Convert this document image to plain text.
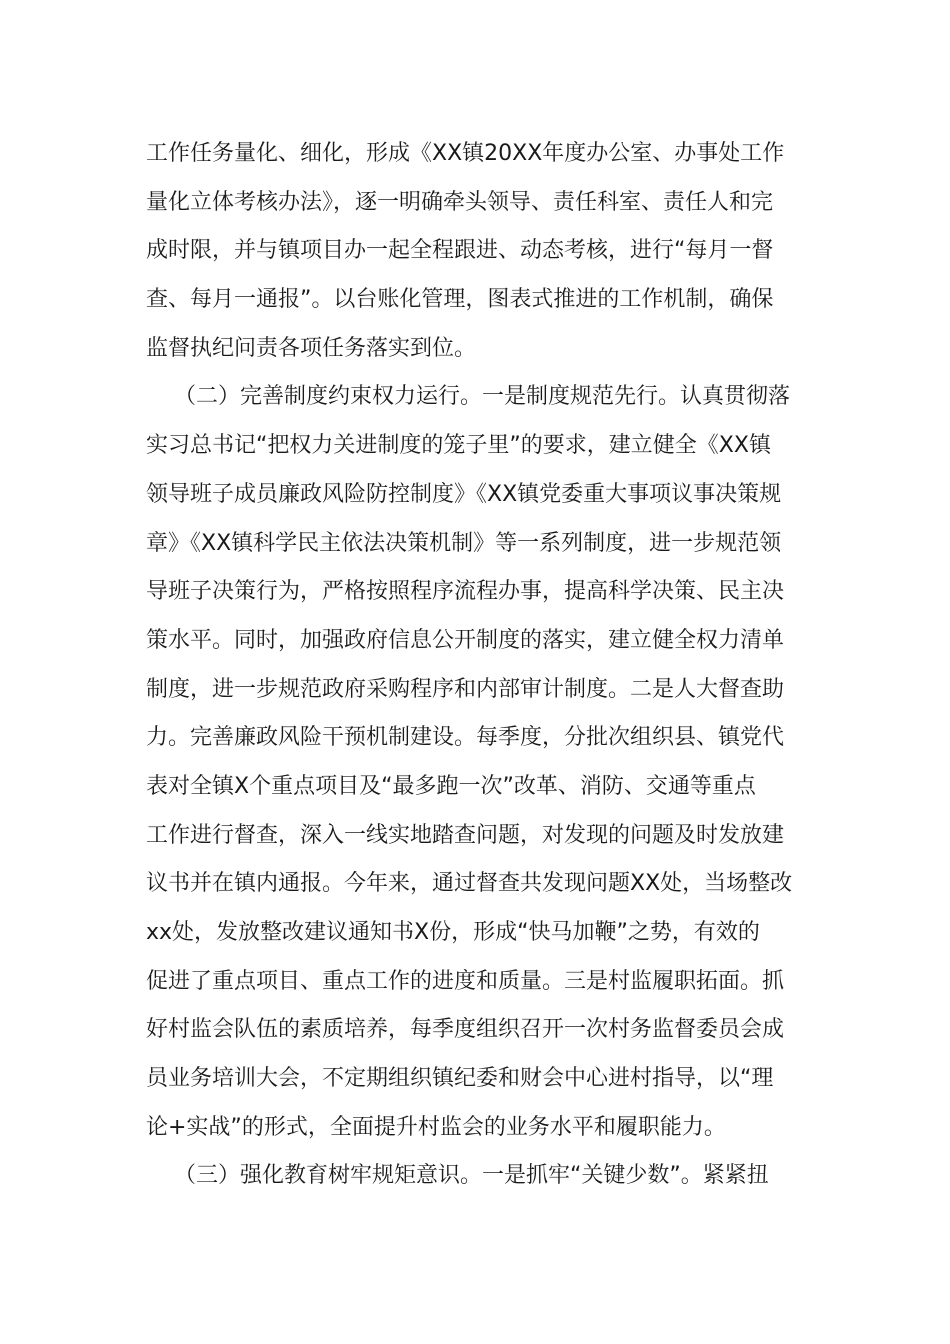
工作任务量化、细化，形成《XX镇20XX年度办公室、办事处工作
量化立体考核办法》，逐一明确牵头领导、责任科室、责任人和完
成时限，并与镇项目办一起全程跟进、动态考核，进行“每月一督
查、每月一通报”。以台账化管理，图表式推进的工作机制，确保
监督执纪问责各项任务落实到位。
（二）完善制度约束权力运行。一是制度规范先行。认真贯彻落
实习总书记“把权力关进制度的笼子里”的要求，建立健全《XX镇
领导班子成员廉政风险防控制度》《XX镇党委重大事项议事决策规
章》《XX镇科学民主依法决策机制》等一系列制度，进一步规范领
导班子决策行为，严格按照程序流程办事，提高科学决策、民主决
策水平。同时，加强政府信息公开制度的落实，建立健全权力清单
制度，进一步规范政府采购程序和内部审计制度。二是人大督查助
力。完善廉政风险干预机制建设。每季度，分批次组织县、镇党代
表对全镇X个重点项目及“最多跑一次”改革、消防、交通等重点
工作进行督查，深入一线实地踏查问题，对发现的问题及时发放建
议书并在镇内通报。今年来，通过督查共发现问题XX处，当场整改
xx处，发放整改建议通知书X份，形成“快马加鞭”之势，有效的
促进了重点项目、重点工作的进度和质量。三是村监履职拓面。抓
好村监会队伍的素质培养，每季度组织召开一次村务监督委员会成
员业务培训大会，不定期组织镇纪委和财会中心进村指导，以“理
论+实战”的形式，全面提升村监会的业务水平和履职能力。
（三）强化教育树牢规矩意识。一是抓牢“关键少数”。紧紧扭
